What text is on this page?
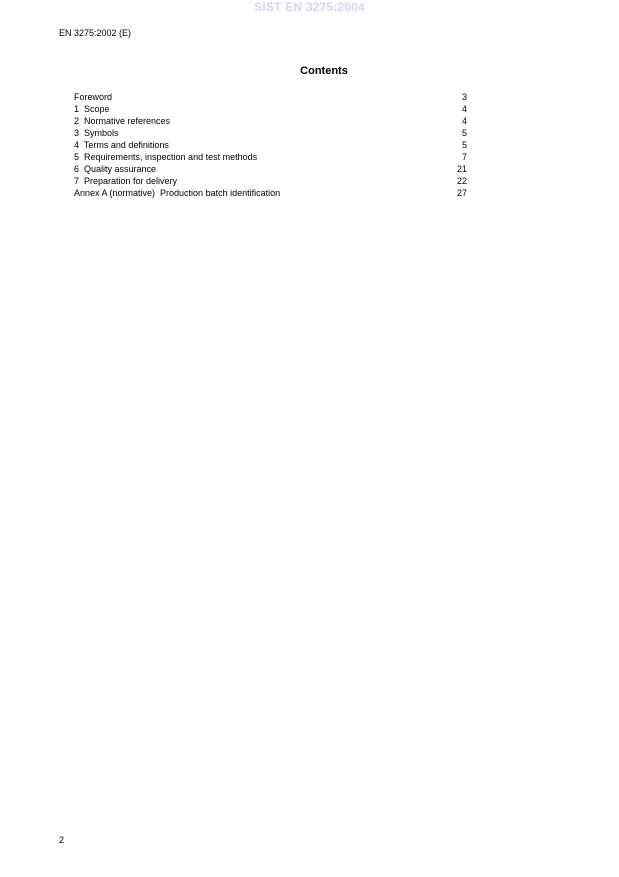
SIST EN 3275:2004
EN 3275:2002 (E)
Contents
Foreword	3
1  Scope	4
2  Normative references	4
3  Symbols	5
4  Terms and definitions	5
5  Requirements, inspection and test methods	7
6  Quality assurance	21
7  Preparation for delivery	22
Annex A (normative)  Production batch identification	27
2
